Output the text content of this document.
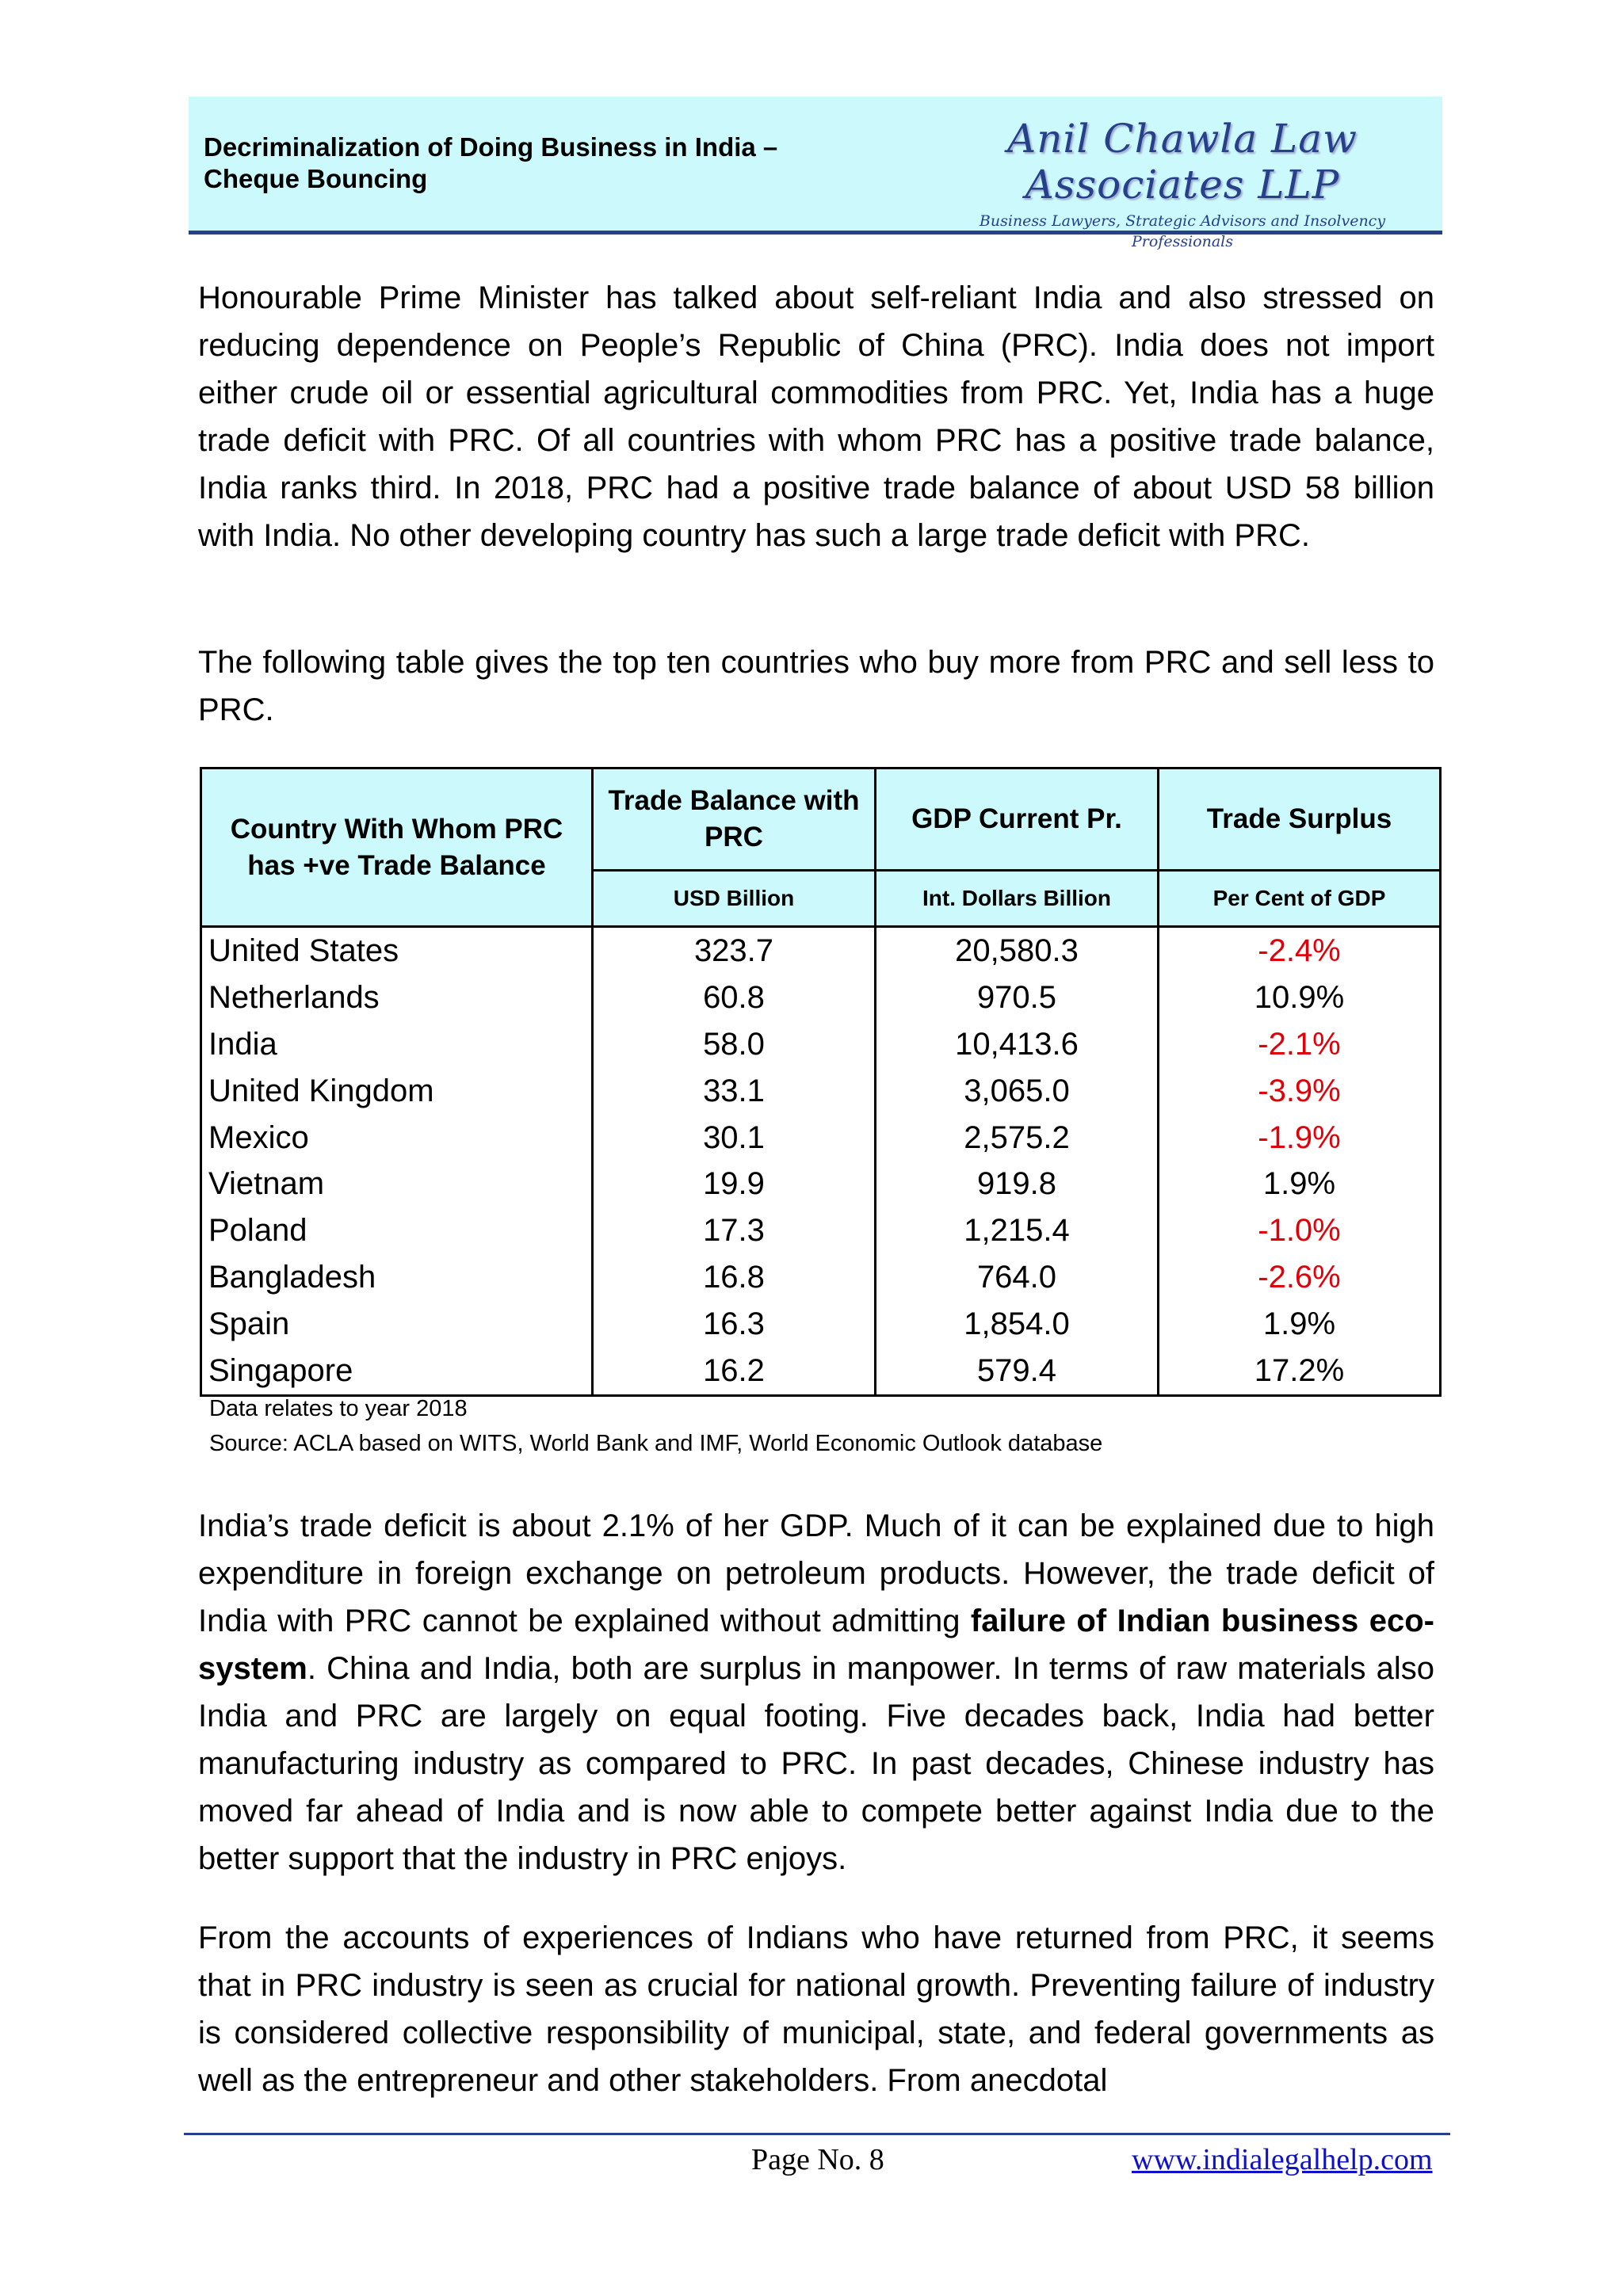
Decriminalization of Doing Business in India –
Cheque Bouncing
Anil Chawla Law Associates LLP
Business Lawyers, Strategic Advisors and Insolvency Professionals

Honourable Prime Minister has talked about self-reliant India and also stressed on reducing dependence on People’s Republic of China (PRC). India does not import either crude oil or essential agricultural commodities from PRC. Yet, India has a huge trade deficit with PRC. Of all countries with whom PRC has a positive trade balance, India ranks third. In 2018, PRC had a positive trade balance of about USD 58 billion with India. No other developing country has such a large trade deficit with PRC.

The following table gives the top ten countries who buy more from PRC and sell less to PRC.

Country With Whom PRC has +ve Trade Balance	Trade Balance with PRC	GDP Current Pr.	Trade Surplus
	USD Billion	Int. Dollars Billion	Per Cent of GDP
United States	323.7	20,580.3	-2.4%
Netherlands	60.8	970.5	10.9%
India	58.0	10,413.6	-2.1%
United Kingdom	33.1	3,065.0	-3.9%
Mexico	30.1	2,575.2	-1.9%
Vietnam	19.9	919.8	1.9%
Poland	17.3	1,215.4	-1.0%
Bangladesh	16.8	764.0	-2.6%
Spain	16.3	1,854.0	1.9%
Singapore	16.2	579.4	17.2%
Data relates to year 2018
Source: ACLA based on WITS, World Bank and IMF, World Economic Outlook database

India’s trade deficit is about 2.1% of her GDP. Much of it can be explained due to high expenditure in foreign exchange on petroleum products. However, the trade deficit of India with PRC cannot be explained without admitting failure of Indian business eco-system. China and India, both are surplus in manpower. In terms of raw materials also India and PRC are largely on equal footing. Five decades back, India had better manufacturing industry as compared to PRC. In past decades, Chinese industry has moved far ahead of India and is now able to compete better against India due to the better support that the industry in PRC enjoys.

From the accounts of experiences of Indians who have returned from PRC, it seems that in PRC industry is seen as crucial for national growth. Preventing failure of industry is considered collective responsibility of municipal, state, and federal governments as well as the entrepreneur and other stakeholders. From anecdotal

Page No. 8	www.indialegalhelp.com
